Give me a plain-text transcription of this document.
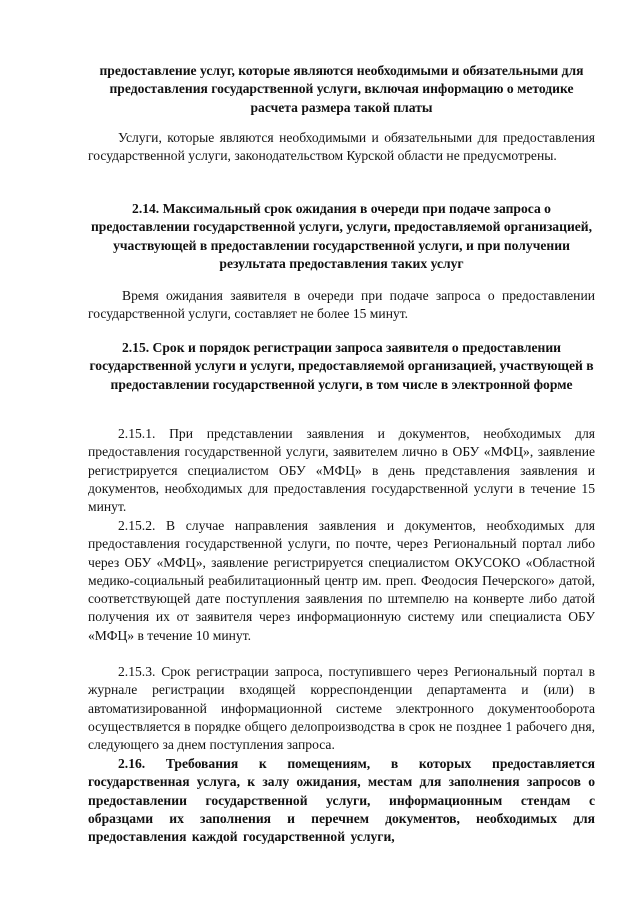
предоставление услуг, которые являются необходимыми и обязательными для предоставления государственной услуги, включая информацию о методике расчета размера такой платы

Услуги, которые являются необходимыми и обязательными для предоставления государственной услуги, законодательством Курской области не предусмотрены.

2.14. Максимальный срок ожидания в очереди при подаче запроса о предоставлении государственной услуги, услуги, предоставляемой организацией, участвующей в предоставлении государственной услуги, и при получении результата предоставления таких услуг

Время ожидания заявителя в очереди при подаче запроса о предоставлении государственной услуги, составляет не более 15 минут.

2.15. Срок и порядок регистрации запроса заявителя о предоставлении государственной услуги и услуги, предоставляемой организацией, участвующей в предоставлении государственной услуги, в том числе в электронной форме

2.15.1. При представлении заявления и документов, необходимых для предоставления государственной услуги, заявителем лично в ОБУ «МФЦ», заявление регистрируется специалистом ОБУ «МФЦ» в день представления заявления и документов, необходимых для предоставления государственной услуги в течение 15 минут.

2.15.2. В случае направления заявления и документов, необходимых для предоставления государственной услуги, по почте, через Региональный портал либо через ОБУ «МФЦ», заявление регистрируется специалистом ОКУСОКО «Областной медико-социальный реабилитационный центр им. преп. Феодосия Печерского» датой, соответствующей дате поступления заявления по штемпелю на конверте либо датой получения их от заявителя через информационную систему или специалиста ОБУ «МФЦ» в течение 10 минут.

2.15.3. Срок регистрации запроса, поступившего через Региональный портал в журнале регистрации входящей корреспонденции департамента и (или) в автоматизированной информационной системе электронного документооборота осуществляется в порядке общего делопроизводства в срок не позднее 1 рабочего дня, следующего за днем поступления запроса.

2.16. Требования к помещениям, в которых предоставляется государственная услуга, к залу ожидания, местам для заполнения запросов о предоставлении государственной услуги, информационным стендам с образцами их заполнения и перечнем документов, необходимых для предоставления каждой государственной услуги,
